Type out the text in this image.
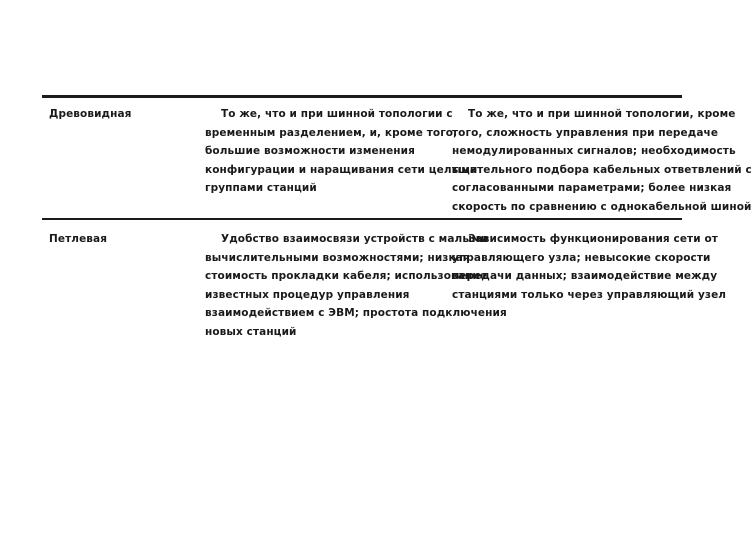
Древовидная	То же, что и при шинной топологии с
временным разделением, и, кроме того,
большие возможности изменения
конфигурации и наращивания сети целыми
группами станций
То же, что и при шинной топологии, кроме
того, сложность управления при передаче
немодулированных сигналов; необходимость
тщательного подбора кабельных ответвлений с
согласованными параметрами; более низкая
скорость по сравнению с однокабельной шиной
Петлевая	Удобство взаимосвязи устройств с малыми
вычислительными возможностями; низкая
стоимость прокладки кабеля; использование
известных процедур управления
взаимодействием с ЭВМ; простота подключения
новых станций
Зависимость функционирования сети от
управляющего узла; невысокие скорости
передачи данных; взаимодействие между
станциями только через управляющий узел
